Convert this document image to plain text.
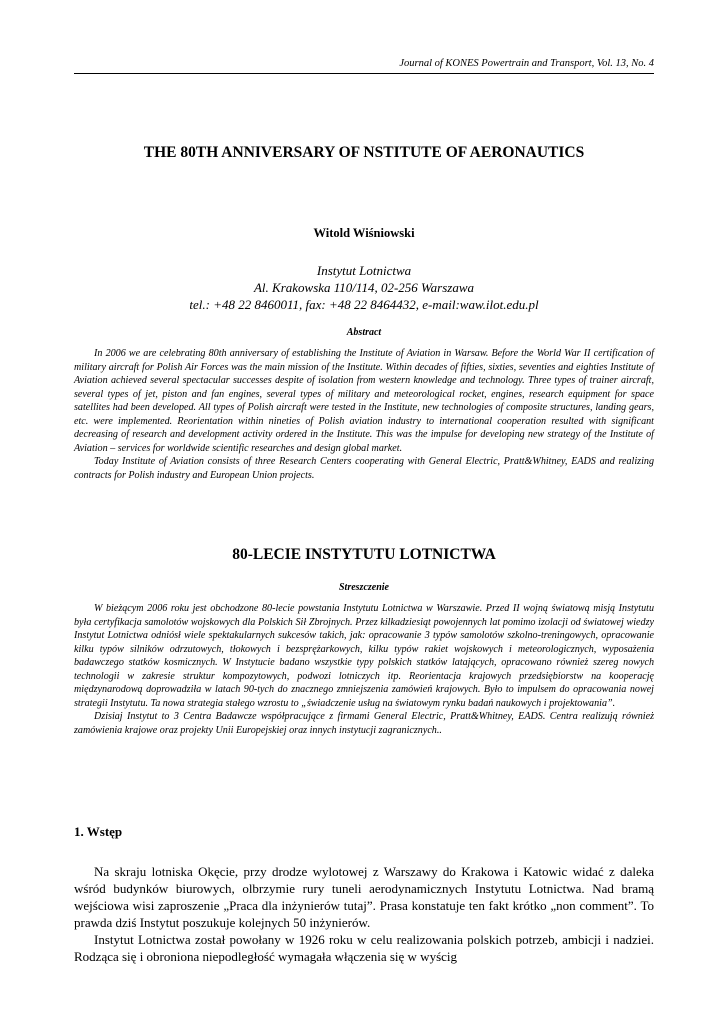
Journal of KONES Powertrain and Transport, Vol. 13, No. 4
THE 80TH ANNIVERSARY OF NSTITUTE OF AERONAUTICS
Witold Wiśniowski
Instytut Lotnictwa
Al. Krakowska 110/114, 02-256 Warszawa
tel.: +48 22 8460011, fax: +48 22 8464432, e-mail:waw.ilot.edu.pl
Abstract

In 2006 we are celebrating 80th anniversary of establishing the Institute of Aviation in Warsaw. Before the World War II certification of military aircraft for Polish Air Forces was the main mission of the Institute. Within decades of fifties, sixties, seventies and eighties Institute of Aviation achieved several spectacular successes despite of isolation from western knowledge and technology. Three types of trainer aircraft, several types of jet, piston and fan engines, several types of military and meteorological rocket, engines, research equipment for space satellites had been developed. All types of Polish aircraft were tested in the Institute, new technologies of composite structures, landing gears, etc. were implemented. Reorientation within nineties of Polish aviation industry to international cooperation resulted with significant decreasing of research and development activity ordered in the Institute. This was the impulse for developing new strategy of the Institute of Aviation – services for worldwide scientific researches and design global market.

Today Institute of Aviation consists of three Research Centers cooperating with General Electric, Pratt&Whitney, EADS and realizing contracts for Polish industry and European Union projects.

80-LECIE INSTYTUTU LOTNICTWA
Streszczenie

W bieżącym 2006 roku jest obchodzone 80-lecie powstania Instytutu Lotnictwa w Warszawie. Przed II wojną światową misją Instytutu była certyfikacja samolotów wojskowych dla Polskich Sił Zbrojnych. Przez kilkadziesiąt powojennych lat pomimo izolacji od światowej wiedzy Instytut Lotnictwa odniósł wiele spektakularnych sukcesów takich, jak: opracowanie 3 typów samolotów szkolno-treningowych, opracowanie kilku typów silników odrzutowych, tłokowych i bezsprężarkowych, kilku typów rakiet wojskowych i meteorologicznych, wyposażenia badawczego statków kosmicznych. W Instytucie badano wszystkie typy polskich statków latających, opracowano również szereg nowych technologii w zakresie struktur kompozytowych, podwozi lotniczych itp. Reorientacja krajowych przedsiębiorstw na kooperację międzynarodową doprowadziła w latach 90-tych do znacznego zmniejszenia zamówień krajowych. Było to impulsem do opracowania nowej strategii Instytutu. Ta nowa strategia stałego wzrostu to „świadczenie usług na światowym rynku badań naukowych i projektowania”.

Dzisiaj Instytut to 3 Centra Badawcze współpracujące z firmami General Electric, Pratt&Whitney, EADS. Centra realizują również zamówienia krajowe oraz projekty Unii Europejskiej oraz innych instytucji zagranicznych..

1. Wstęp

Na skraju lotniska Okęcie, przy drodze wylotowej z Warszawy do Krakowa i Katowic widać z daleka wśród budynków biurowych, olbrzymie rury tuneli aerodynamicznych Instytutu Lotnictwa. Nad bramą wejściowa wisi zaproszenie „Praca dla inżynierów tutaj”. Prasa konstatuje ten fakt krótko „non comment”. To prawda dziś Instytut poszukuje kolejnych 50 inżynierów.

Instytut Lotnictwa został powołany w 1926 roku w celu realizowania polskich potrzeb, ambicji i nadziei. Rodząca się i obroniona niepodległość wymagała włączenia się w wyścig
